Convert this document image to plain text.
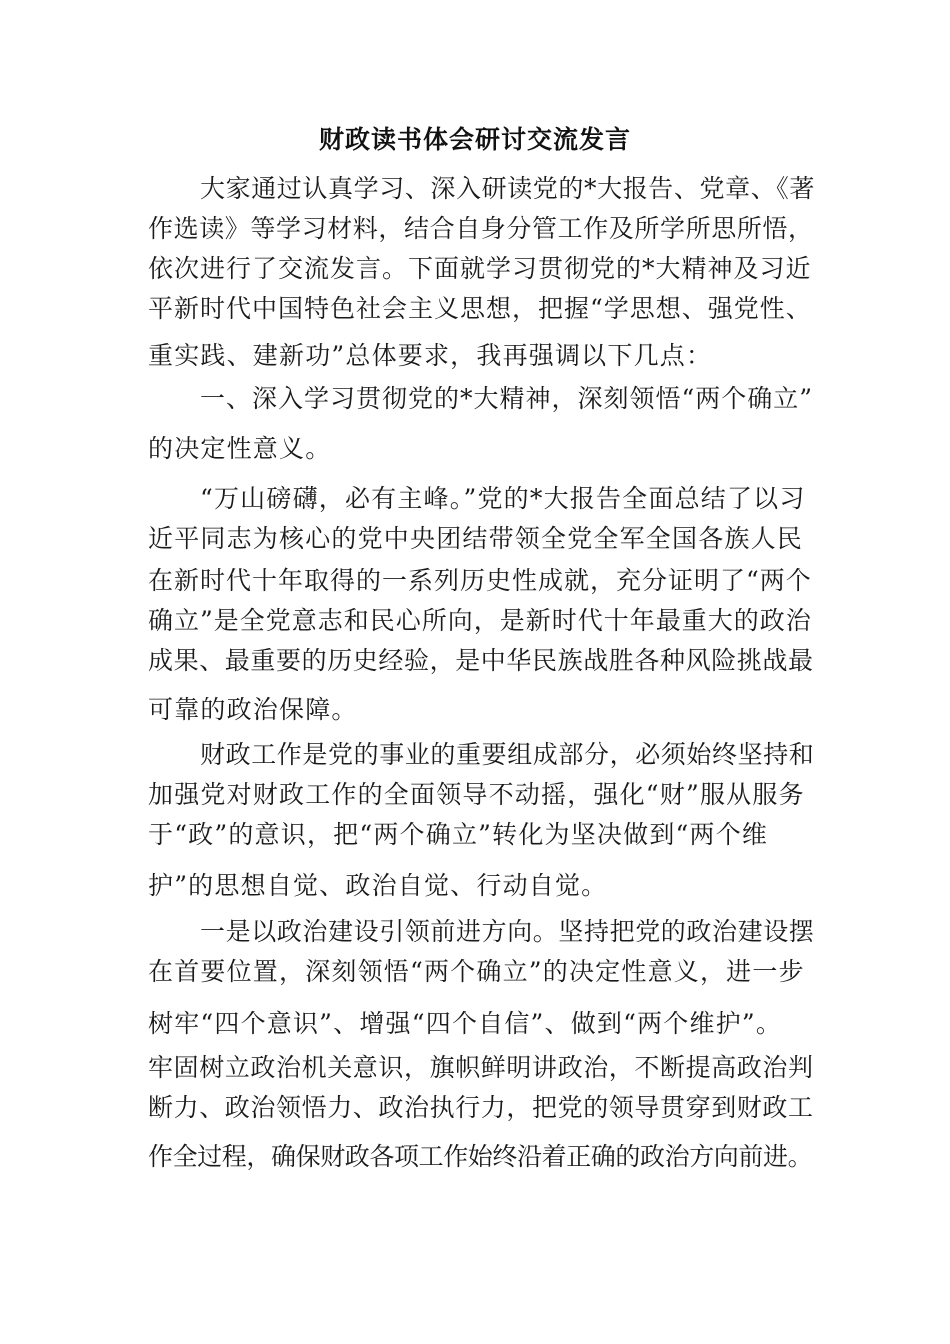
财政读书体会研讨交流发言
大家通过认真学习、深入研读党的*大报告、党章、《著
作选读》等学习材料，结合自身分管工作及所学所思所悟，
依次进行了交流发言。下面就学习贯彻党的*大精神及习近
平新时代中国特色社会主义思想，把握“学思想、强党性、
重实践、建新功”总体要求，我再强调以下几点：
一、深入学习贯彻党的*大精神，深刻领悟“两个确立”
的决定性意义。
“万山磅礴，必有主峰。”党的*大报告全面总结了以习
近平同志为核心的党中央团结带领全党全军全国各族人民
在新时代十年取得的一系列历史性成就，充分证明了“两个
确立”是全党意志和民心所向，是新时代十年最重大的政治
成果、最重要的历史经验，是中华民族战胜各种风险挑战最
可靠的政治保障。
财政工作是党的事业的重要组成部分，必须始终坚持和
加强党对财政工作的全面领导不动摇，强化“财”服从服务
于“政”的意识，把“两个确立”转化为坚决做到“两个维
护”的思想自觉、政治自觉、行动自觉。
一是以政治建设引领前进方向。坚持把党的政治建设摆
在首要位置，深刻领悟“两个确立”的决定性意义，进一步
树牢“四个意识”、增强“四个自信”、做到“两个维护”。
牢固树立政治机关意识，旗帜鲜明讲政治，不断提高政治判
断力、政治领悟力、政治执行力，把党的领导贯穿到财政工
作全过程，确保财政各项工作始终沿着正确的政治方向前进。
